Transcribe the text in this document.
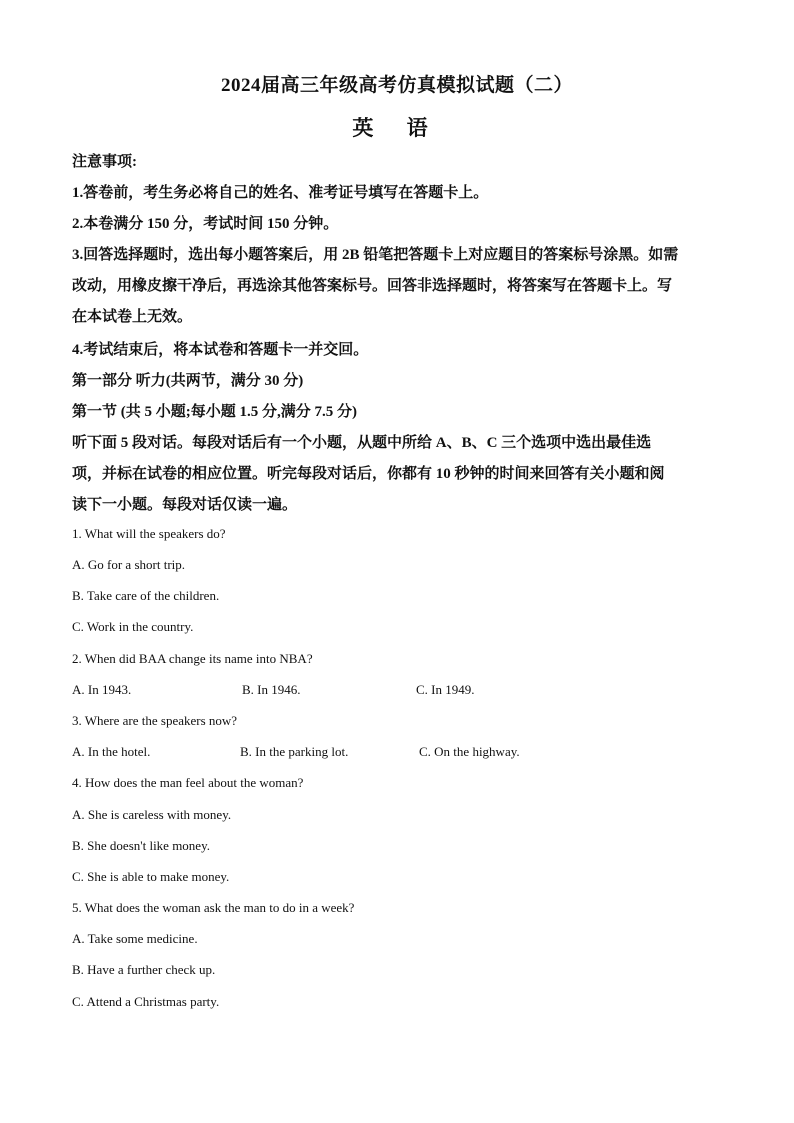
2024届高三年级高考仿真模拟试题（二）
英 语
注意事项:
1.答卷前，考生务必将自己的姓名、准考证号填写在答题卡上。
2.本卷满分 150 分，考试时间 150 分钟。
3.回答选择题时，选出每小题答案后，用 2B 铅笔把答题卡上对应题目的答案标号涂黑。如需
改动，用橡皮擦干净后，再选涂其他答案标号。回答非选择题时，将答案写在答题卡上。写
在本试卷上无效。
4.考试结束后，将本试卷和答题卡一并交回。
第一部分 听力(共两节，满分 30 分)
第一节 (共 5 小题;每小题 1.5 分,满分 7.5 分)
听下面 5 段对话。每段对话后有一个小题，从题中所给 A、B、C 三个选项中选出最佳选
项，并标在试卷的相应位置。听完每段对话后，你都有 10 秒钟的时间来回答有关小题和阅
读下一小题。每段对话仅读一遍。
1. What will the speakers do?
A. Go for a short trip.
B. Take care of the children.
C. Work in the country.
2. When did BAA change its name into NBA?
A. In 1943.	B. In 1946.	C. In 1949.
3. Where are the speakers now?
A. In the hotel.	B. In the parking lot.	C. On the highway.
4. How does the man feel about the woman?
A. She is careless with money.
B. She doesn't like money.
C. She is able to make money.
5. What does the woman ask the man to do in a week?
A. Take some medicine.
B. Have a further check up.
C. Attend a Christmas party.
